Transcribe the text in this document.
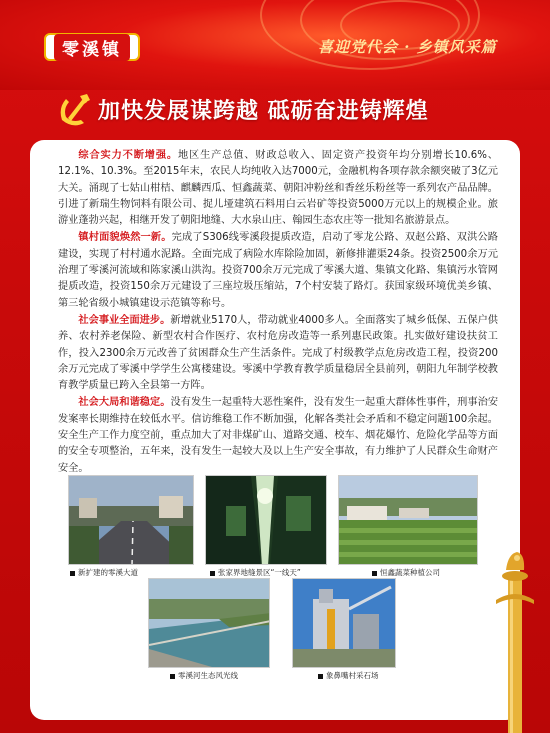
零溪镇	喜迎党代会 · 乡镇风采篇
加快发展谋跨越 砥砺奋进铸辉煌

综合实力不断增强。地区生产总值、财政总收入、固定资产投资年均分别增长10.6%、12.1%、10.3%。至2015年末，农民人均纯收入达7000元，金融机构各项存款余额突破了3亿元大关。涌现了七姑山柑桔、麒麟西瓜、恒鑫蔬菜、朝阳冲粉丝和香丝乐粉丝等一系列农产品品牌。引进了新瑞生物饲料有限公司、捉儿垭建筑石料用白云岩矿等投资5000万元以上的规模企业。旅游业蓬勃兴起，相继开发了朝阳地缝、大水泉山庄、翰园生态农庄等一批知名旅游景点。

镇村面貌焕然一新。完成了S306线零溪段提质改造，启动了零龙公路、双赵公路、双洪公路建设，实现了村村通水泥路。全面完成了病险水库除险加固，新修排灌渠24条。投资2500余万元治理了零溪河流域和陈家溪山洪沟。投资700余万元完成了零溪大道、集镇文化路、集镇污水管网提质改造，投资150余万元建设了三座垃圾压缩站，7个村安装了路灯。获国家级环境优美乡镇、第三轮省级小城镇建设示范镇等称号。

社会事业全面进步。新增就业5170人，带动就业4000多人。全面落实了城乡低保、五保户供养、农村养老保险、新型农村合作医疗、农村危房改造等一系列惠民政策。扎实做好建设扶贫工作，投入2300余万元改善了贫困群众生产生活条件。完成了村级教学点危房改造工程，投资200余万元完成了零溪中学学生公寓楼建设。零溪中学教育教学质量稳居全县前列，朝阳九年制学校教育教学质量已跨入全县第一方阵。

社会大局和谐稳定。没有发生一起重特大恶性案件，没有发生一起重大群体性事件，刑事治安发案率长期维持在较低水平。信访维稳工作不断加强，化解各类社会矛盾和不稳定问题100余起。安全生产工作力度空前，重点加大了对非煤矿山、道路交通、校车、烟花爆竹、危险化学品等方面的安全专项整治，五年来，没有发生一起较大及以上生产安全事故，有力维护了人民群众生命财产安全。

新扩建的零溪大道	张家界地缝景区“一线天”	恒鑫蔬菜种植公司
零溪河生态风光线	象鼻嘴村采石场
